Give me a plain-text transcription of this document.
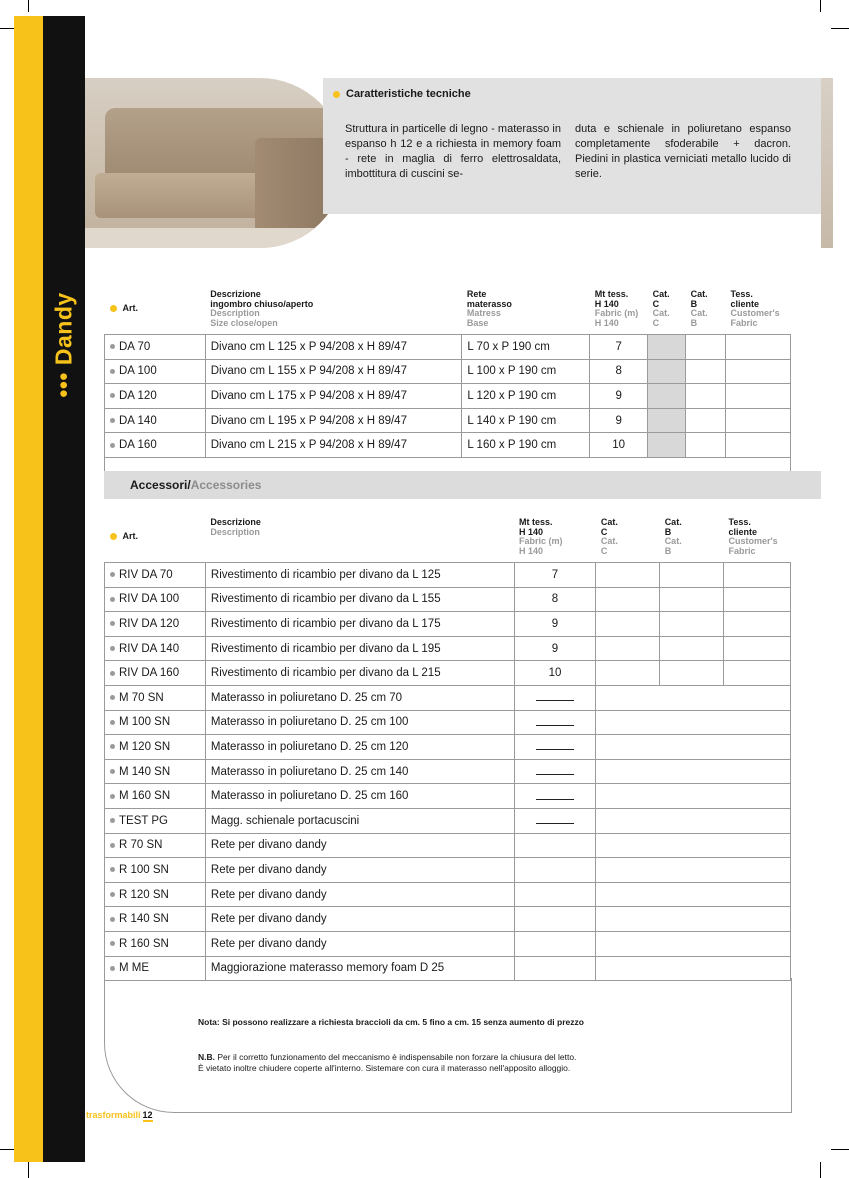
Caratteristiche tecniche
Struttura in particelle di legno - materasso in espanso h 12 e a richiesta in memory foam - rete in maglia di ferro elettrosaldata, imbottitura di cuscini se-
duta e schienale in poliuretano espanso completamente sfoderabile + dacron. Piedini in plastica verniciati metallo lucido di serie.
••• Dandy	Art.	Descrizione
ingombro chiuso/aperto
Description
Size close/open	Rete
materasso
Matress
Base	Mt tess.
H 140
Fabric (m)
H 140	Cat.
C
Cat.
C	Cat.
B
Cat.
B	Tess.
cliente
Customer's
Fabric

DA 70	Divano cm L 125 x P 94/208 x H 89/47	L 70 x P 190 cm	7			
DA 100	Divano cm L 155 x P 94/208 x H 89/47	L 100 x P 190 cm	8			
DA 120	Divano cm L 175 x P 94/208 x H 89/47	L 120 x P 190 cm	9			
DA 140	Divano cm L 195 x P 94/208 x H 89/47	L 140 x P 190 cm	9			
DA 160	Divano cm L 215 x P 94/208 x H 89/47	L 160 x P 190 cm	10			
Accessori/Accessories
Art.	Descrizione
Description	Mt tess.
H 140
Fabric (m)
H 140	Cat.
C
Cat.
C	Cat.
B
Cat.
B	Tess.
cliente
Customer's
Fabric

RIV DA 70	Rivestimento di ricambio per divano da L 125	7			
RIV DA 100	Rivestimento di ricambio per divano da L 155	8			
RIV DA 120	Rivestimento di ricambio per divano da L 175	9			
RIV DA 140	Rivestimento di ricambio per divano da L 195	9			
RIV DA 160	Rivestimento di ricambio per divano da L 215	10			
M 70 SN	Materasso in poliuretano D. 25 cm 70				
M 100 SN	Materasso in poliuretano D. 25 cm 100				
M 120 SN	Materasso in poliuretano D. 25 cm 120				
M 140 SN	Materasso in poliuretano D. 25 cm 140				
M 160 SN	Materasso in poliuretano D. 25 cm 160				
TEST PG	Magg. schienale portacuscini				
R 70 SN	Rete per divano dandy				
R 100 SN	Rete per divano dandy				
R 120 SN	Rete per divano dandy				
R 140 SN	Rete per divano dandy				
R 160 SN	Rete per divano dandy				
M ME	Maggiorazione materasso memory foam D 25				
Nota: Si possono realizzare a richiesta braccioli da cm. 5 fino a cm. 15 senza aumento di prezzo
N.B. Per il corretto funzionamento del meccanismo è indispensabile non forzare la chiusura del letto.
È vietato inoltre chiudere coperte all'interno. Sistemare con cura il materasso nell'apposito alloggio.
trasformabili 12
